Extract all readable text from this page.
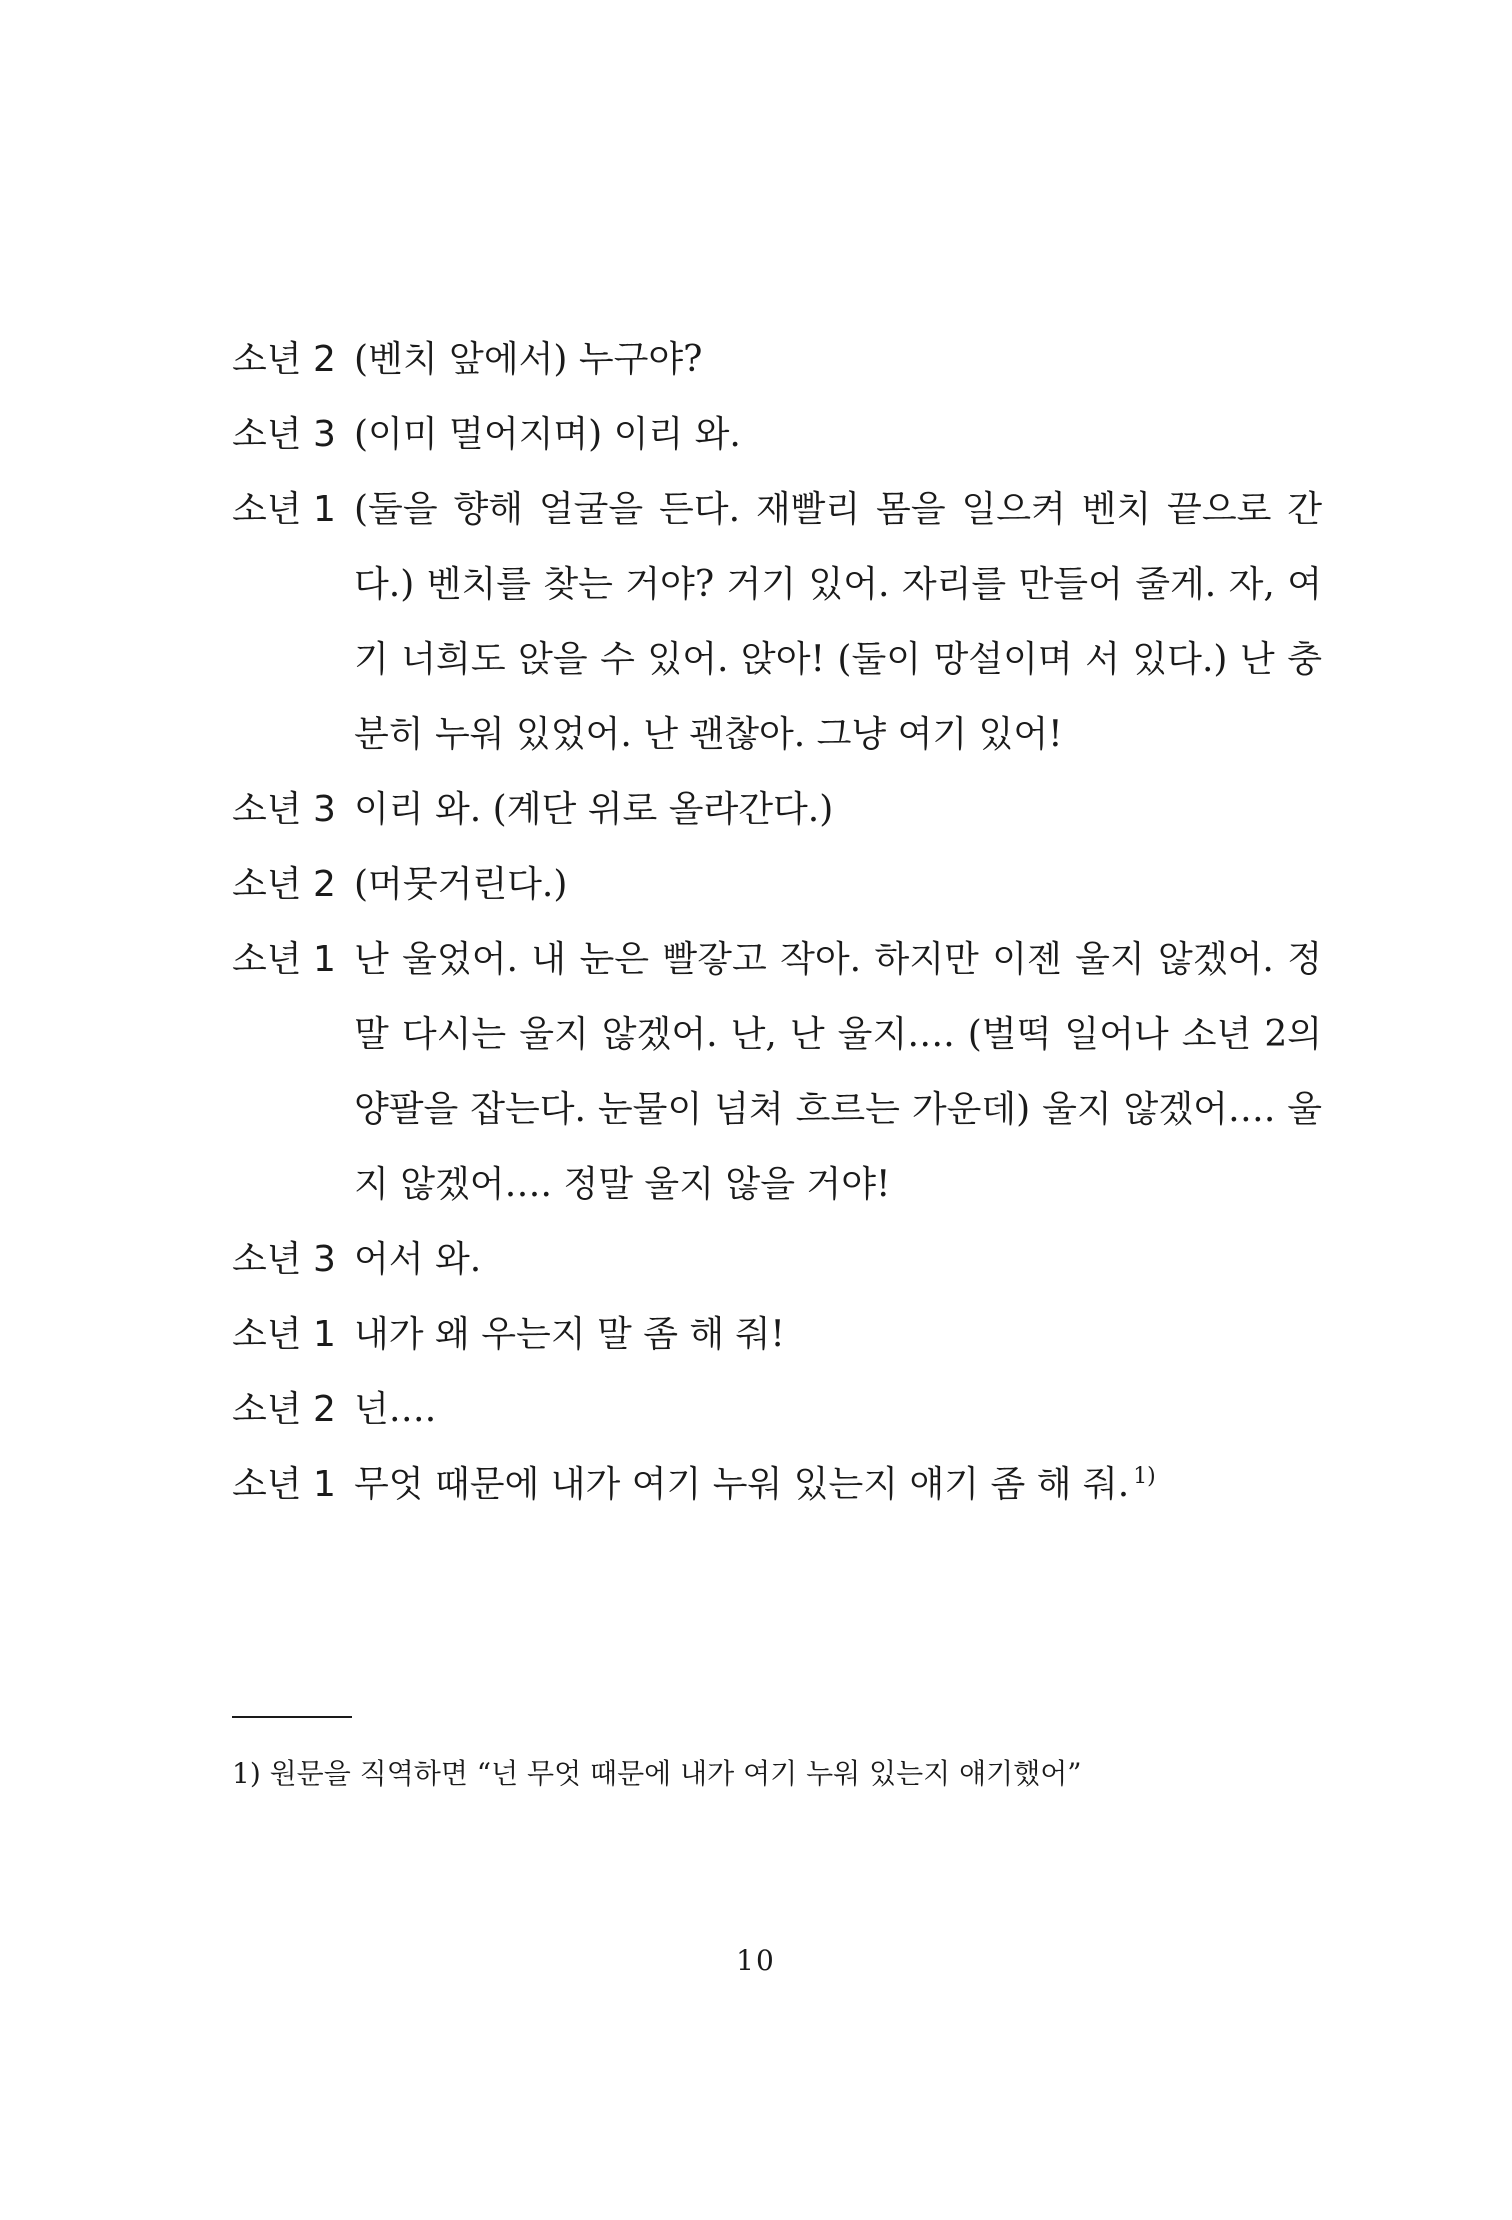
소년 2 (벤치 앞에서) 누구야?
소년 3 (이미 멀어지며) 이리 와.
소년 1 (둘을 향해 얼굴을 든다. 재빨리 몸을 일으켜 벤치 끝으로 간다.) 벤치를 찾는 거야? 거기 있어. 자리를 만들어 줄게. 자, 여기 너희도 앉을 수 있어. 앉아! (둘이 망설이며 서 있다.) 난 충분히 누워 있었어. 난 괜찮아. 그냥 여기 있어!
소년 3 이리 와. (계단 위로 올라간다.)
소년 2 (머뭇거린다.)
소년 1 난 울었어. 내 눈은 빨갛고 작아. 하지만 이젠 울지 않겠어. 정말 다시는 울지 않겠어. 난, 난 울지…. (벌떡 일어나 소년 2의 양팔을 잡는다. 눈물이 넘쳐 흐르는 가운데) 울지 않겠어…. 울지 않겠어…. 정말 울지 않을 거야!
소년 3 어서 와.
소년 1 내가 왜 우는지 말 좀 해 줘!
소년 2 넌….
소년 1 무엇 때문에 내가 여기 누워 있는지 얘기 좀 해 줘. $^{1)}$
1) 원문을 직역하면 “넌 무엇 때문에 내가 여기 누워 있는지 얘기했어”
10
